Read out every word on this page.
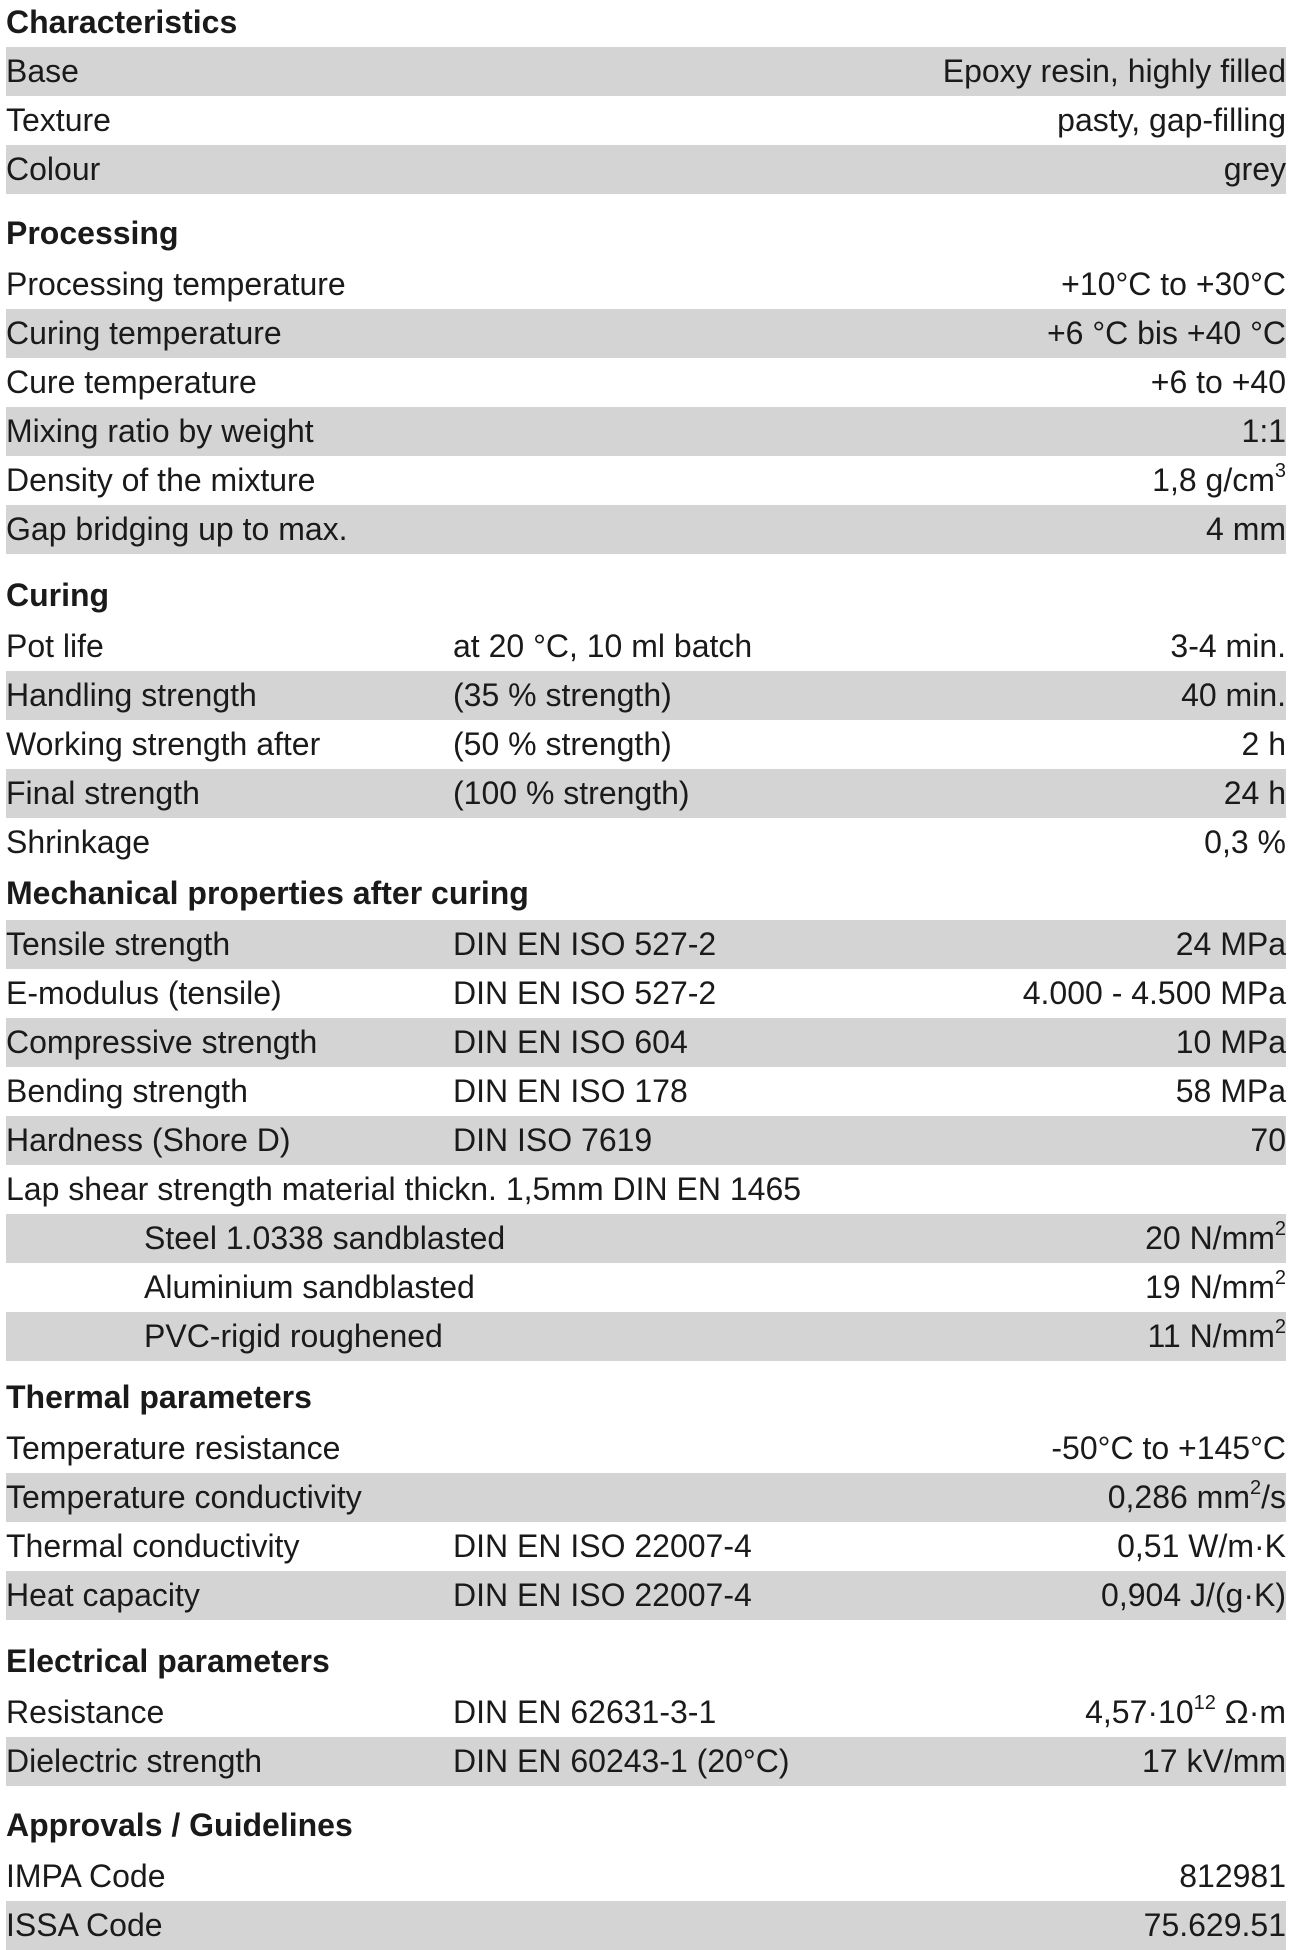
Characteristics
Base	Epoxy resin, highly filled
Texture	pasty, gap-filling
Colour	grey
Processing
Processing temperature	+10°C to +30°C
Curing temperature	+6 °C bis +40 °C
Cure temperature	+6 to +40
Mixing ratio by weight	1:1
Density of the mixture	1,8 $g/cm^3$
Gap bridging up to max.	4 mm
Curing
Pot life	at 20 °C, 10 ml batch	3-4 min.
Handling strength	(35 % strength)	40 min.
Working strength after	(50 % strength)	2 h
Final strength	(100 % strength)	24 h
Shrinkage	0,3 %
Mechanical properties after curing
Tensile strength	DIN EN ISO 527-2	24 MPa
E-modulus (tensile)	DIN EN ISO 527-2	4.000 - 4.500 MPa
Compressive strength	DIN EN ISO 604	10 MPa
Bending strength	DIN EN ISO 178	58 MPa
Hardness (Shore D)	DIN ISO 7619	70
Lap shear strength material thickn. 1,5mm DIN EN 1465
Steel 1.0338 sandblasted	20 $N/mm^2$
Aluminium sandblasted	19 $N/mm^2$
PVC-rigid roughened	11 $N/mm^2$
Thermal parameters
Temperature resistance	-50°C to +145°C
Temperature conductivity	0,286 $mm^2/s$
Thermal conductivity	DIN EN ISO 22007-4	0,51 W/m·K
Heat capacity	DIN EN ISO 22007-4	0,904 J/(g·K)
Electrical parameters
Resistance	DIN EN 62631-3-1	$4,57\cdot 10^{12}$ Ω·m
Dielectric strength	DIN EN 60243-1 (20°C)	17 kV/mm
Approvals / Guidelines
IMPA Code	812981
ISSA Code	75.629.51
